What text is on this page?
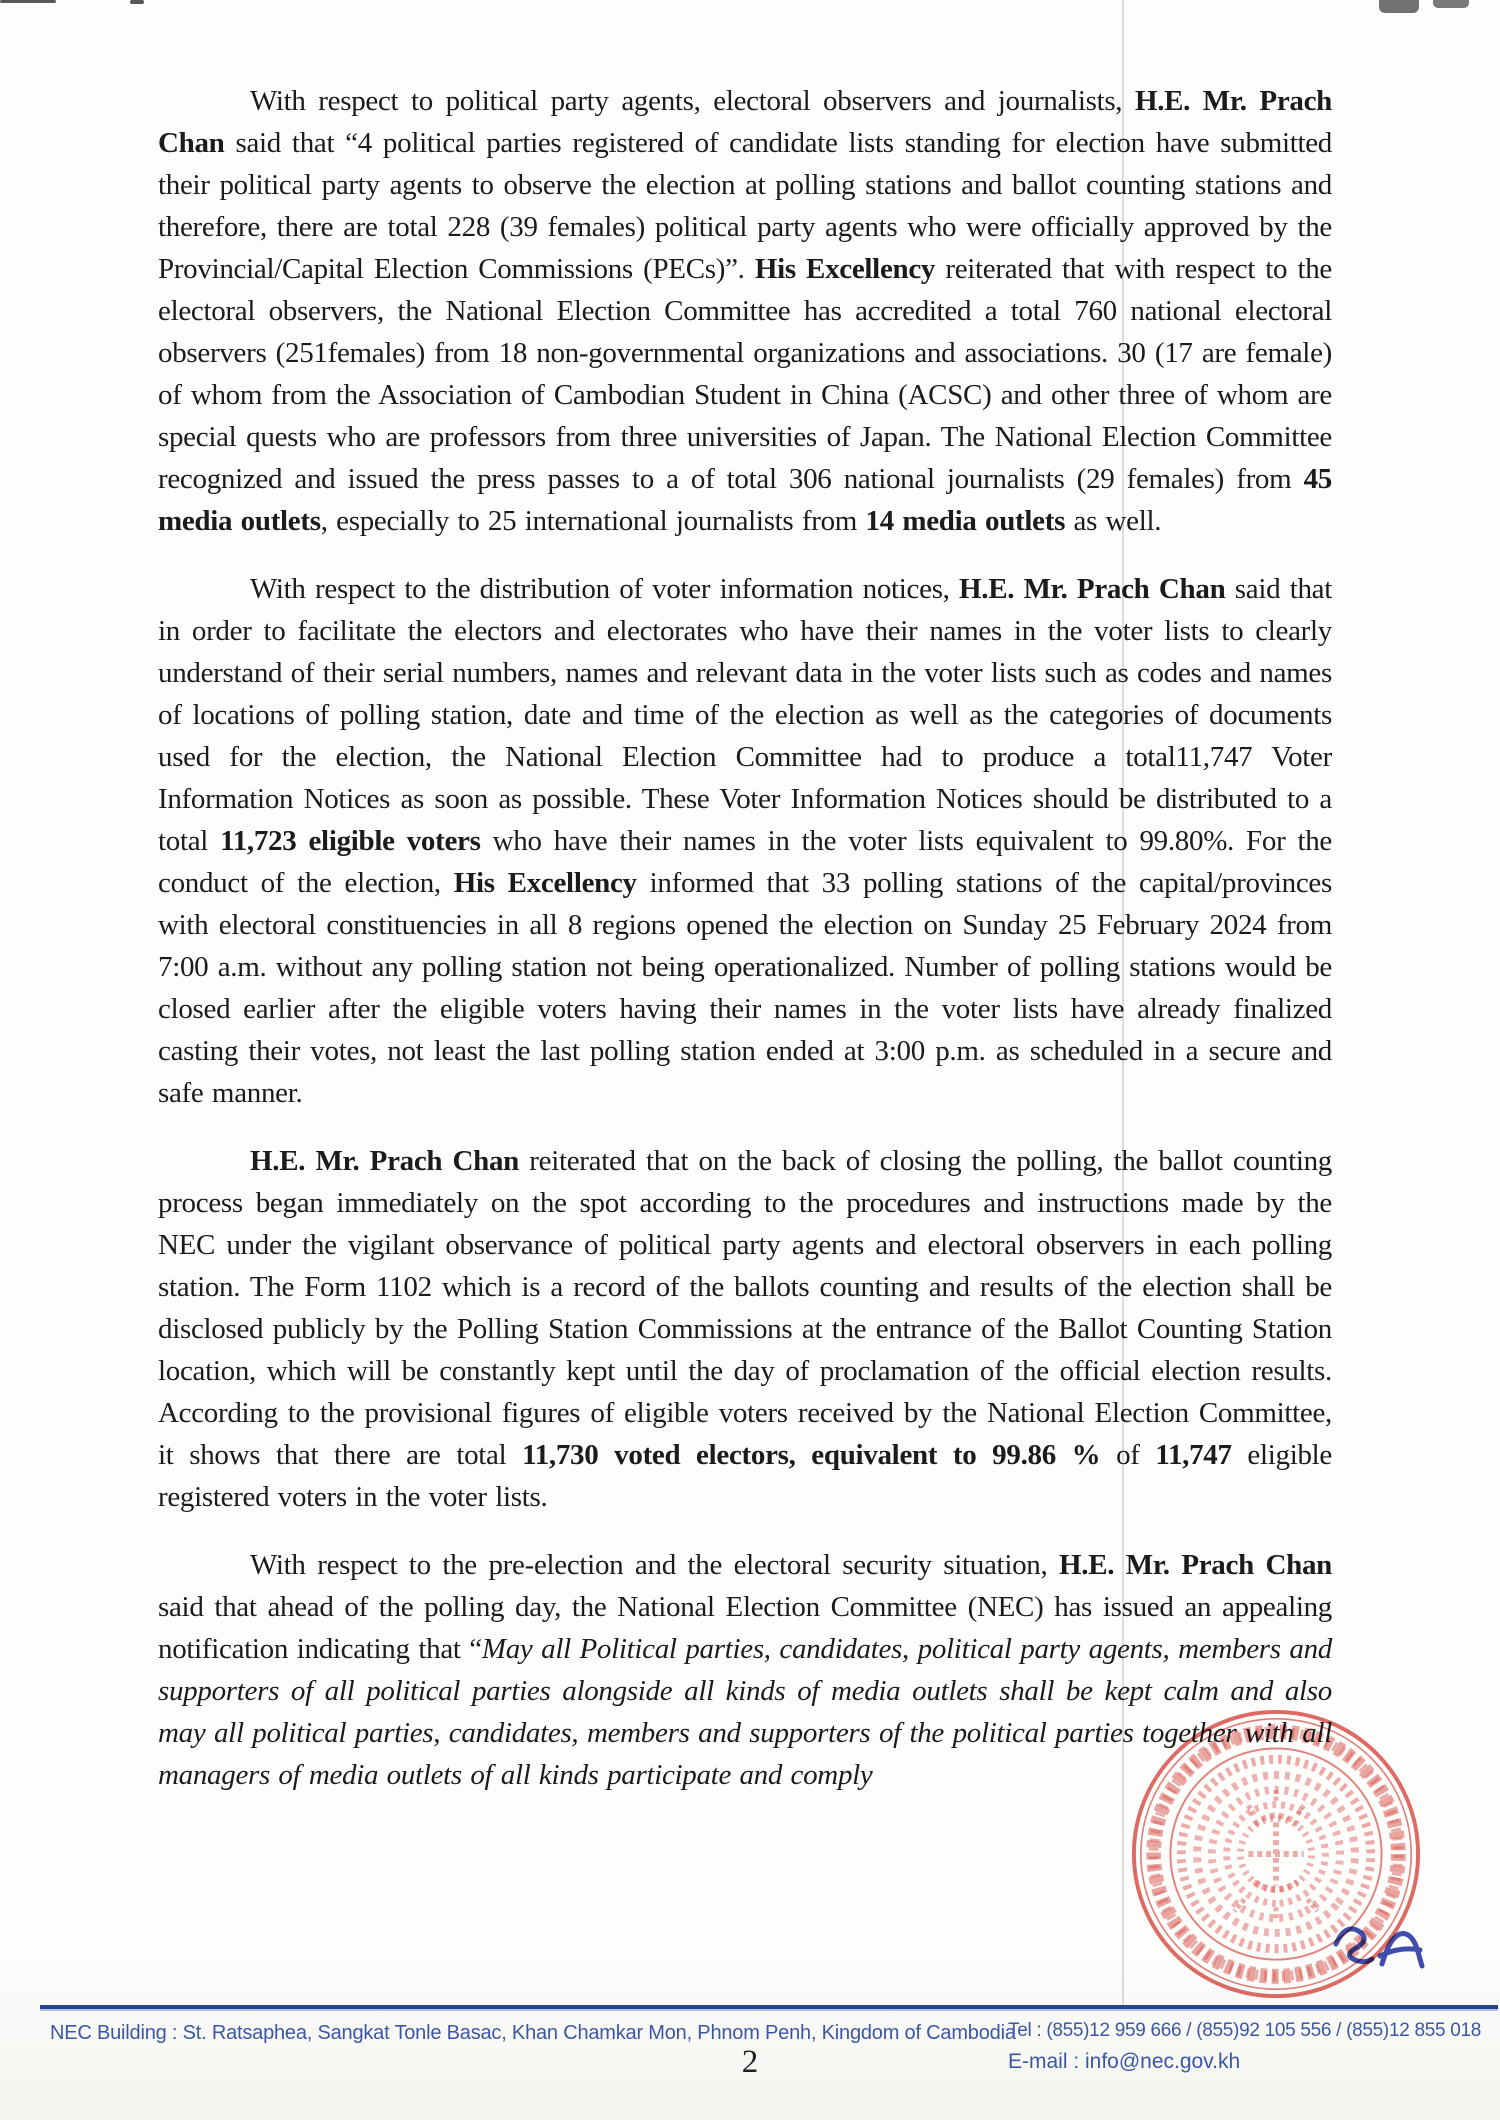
With respect to political party agents, electoral observers and journalists, H.E. Mr. Prach Chan said that “4 political parties registered of candidate lists standing for election have submitted their political party agents to observe the election at polling stations and ballot counting stations and therefore, there are total 228 (39 females) political party agents who were officially approved by the Provincial/Capital Election Commissions (PECs)”. His Excellency reiterated that with respect to the electoral observers, the National Election Committee has accredited a total 760 national electoral observers (251females) from 18 non-governmental organizations and associations. 30 (17 are female) of whom from the Association of Cambodian Student in China (ACSC) and other three of whom are special quests who are professors from three universities of Japan. The National Election Committee recognized and issued the press passes to a of total 306 national journalists (29 females) from 45 media outlets, especially to 25 international journalists from 14 media outlets as well.

With respect to the distribution of voter information notices, H.E. Mr. Prach Chan said that in order to facilitate the electors and electorates who have their names in the voter lists to clearly understand of their serial numbers, names and relevant data in the voter lists such as codes and names of locations of polling station, date and time of the election as well as the categories of documents used for the election, the National Election Committee had to produce a total11,747 Voter Information Notices as soon as possible. These Voter Information Notices should be distributed to a total 11,723 eligible voters who have their names in the voter lists equivalent to 99.80%. For the conduct of the election, His Excellency informed that 33 polling stations of the capital/provinces with electoral constituencies in all 8 regions opened the election on Sunday 25 February 2024 from 7:00 a.m. without any polling station not being operationalized. Number of polling stations would be closed earlier after the eligible voters having their names in the voter lists have already finalized casting their votes, not least the last polling station ended at 3:00 p.m. as scheduled in a secure and safe manner.

H.E. Mr. Prach Chan reiterated that on the back of closing the polling, the ballot counting process began immediately on the spot according to the procedures and instructions made by the NEC under the vigilant observance of political party agents and electoral observers in each polling station. The Form 1102 which is a record of the ballots counting and results of the election shall be disclosed publicly by the Polling Station Commissions at the entrance of the Ballot Counting Station location, which will be constantly kept until the day of proclamation of the official election results. According to the provisional figures of eligible voters received by the National Election Committee, it shows that there are total 11,730 voted electors, equivalent to 99.86 % of 11,747 eligible registered voters in the voter lists.

With respect to the pre-election and the electoral security situation, H.E. Mr. Prach Chan said that ahead of the polling day, the National Election Committee (NEC) has issued an appealing notification indicating that “May all Political parties, candidates, political party agents, members and supporters of all political parties alongside all kinds of media outlets shall be kept calm and also may all political parties, candidates, members and supporters of the political parties together with all managers of media outlets of all kinds participate and comply

NEC Building : St. Ratsaphea, Sangkat Tonle Basac, Khan Chamkar Mon, Phnom Penh, Kingdom of Cambodia
Tel : (855)12 959 666 / (855)92 105 556 / (855)12 855 018
E-mail : info@nec.gov.kh
2
